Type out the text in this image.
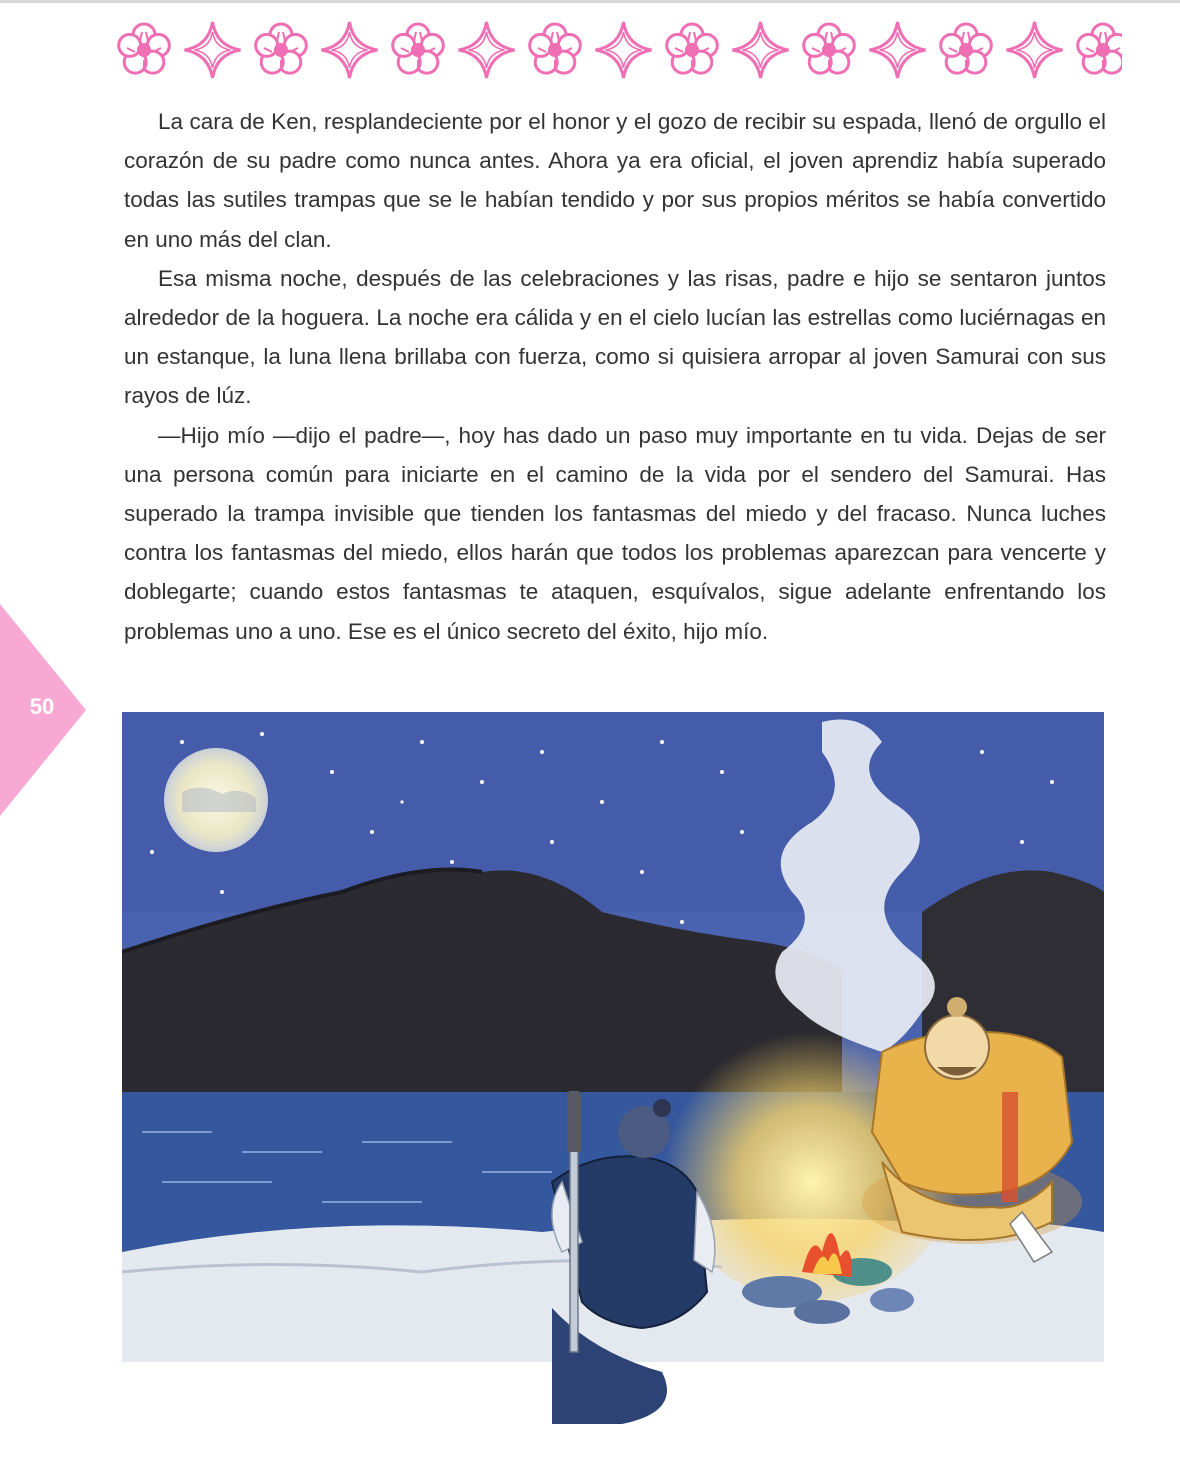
50

La cara de Ken, resplandeciente por el honor y el gozo de recibir su espada, llenó de orgullo el corazón de su padre como nunca antes. Ahora ya era oficial, el joven aprendiz había superado todas las sutiles trampas que se le habían tendido y por sus propios méritos se había convertido en uno más del clan.

Esa misma noche, después de las celebraciones y las risas, padre e hijo se sentaron juntos alrededor de la hoguera. La noche era cálida y en el cielo lucían las estrellas como luciérnagas en un estanque, la luna llena brillaba con fuerza, como si quisiera arropar al joven Samurai con sus rayos de lúz.

—Hijo mío —dijo el padre—, hoy has dado un paso muy importante en tu vida. Dejas de ser una persona común para iniciarte en el camino de la vida por el sendero del Samurai. Has superado la trampa invisible que tienden los fantasmas del miedo y del fracaso. Nunca luches contra los fantasmas del miedo, ellos harán que todos los problemas aparezcan para vencerte y doblegarte; cuando estos fantasmas te ataquen, esquívalos, sigue adelante enfrentando los problemas uno a uno. Ese es el único secreto del éxito, hijo mío.
